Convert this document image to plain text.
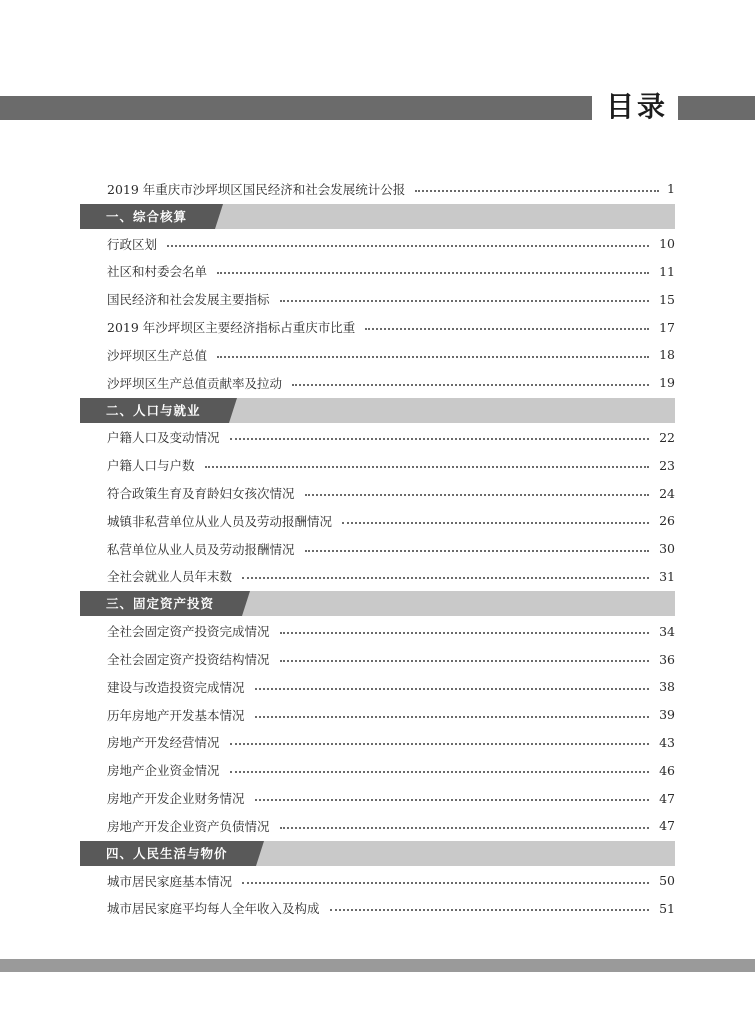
目录
2019 年重庆市沙坪坝区国民经济和社会发展统计公报	1
一、综合核算
行政区划	10
社区和村委会名单	11
国民经济和社会发展主要指标	15
2019 年沙坪坝区主要经济指标占重庆市比重	17
沙坪坝区生产总值	18
沙坪坝区生产总值贡献率及拉动	19
二、人口与就业
户籍人口及变动情况	22
户籍人口与户数	23
符合政策生育及育龄妇女孩次情况	24
城镇非私营单位从业人员及劳动报酬情况	26
私营单位从业人员及劳动报酬情况	30
全社会就业人员年末数	31
三、固定资产投资
全社会固定资产投资完成情况	34
全社会固定资产投资结构情况	36
建设与改造投资完成情况	38
历年房地产开发基本情况	39
房地产开发经营情况	43
房地产企业资金情况	46
房地产开发企业财务情况	47
房地产开发企业资产负债情况	47
四、人民生活与物价
城市居民家庭基本情况	50
城市居民家庭平均每人全年收入及构成	51
